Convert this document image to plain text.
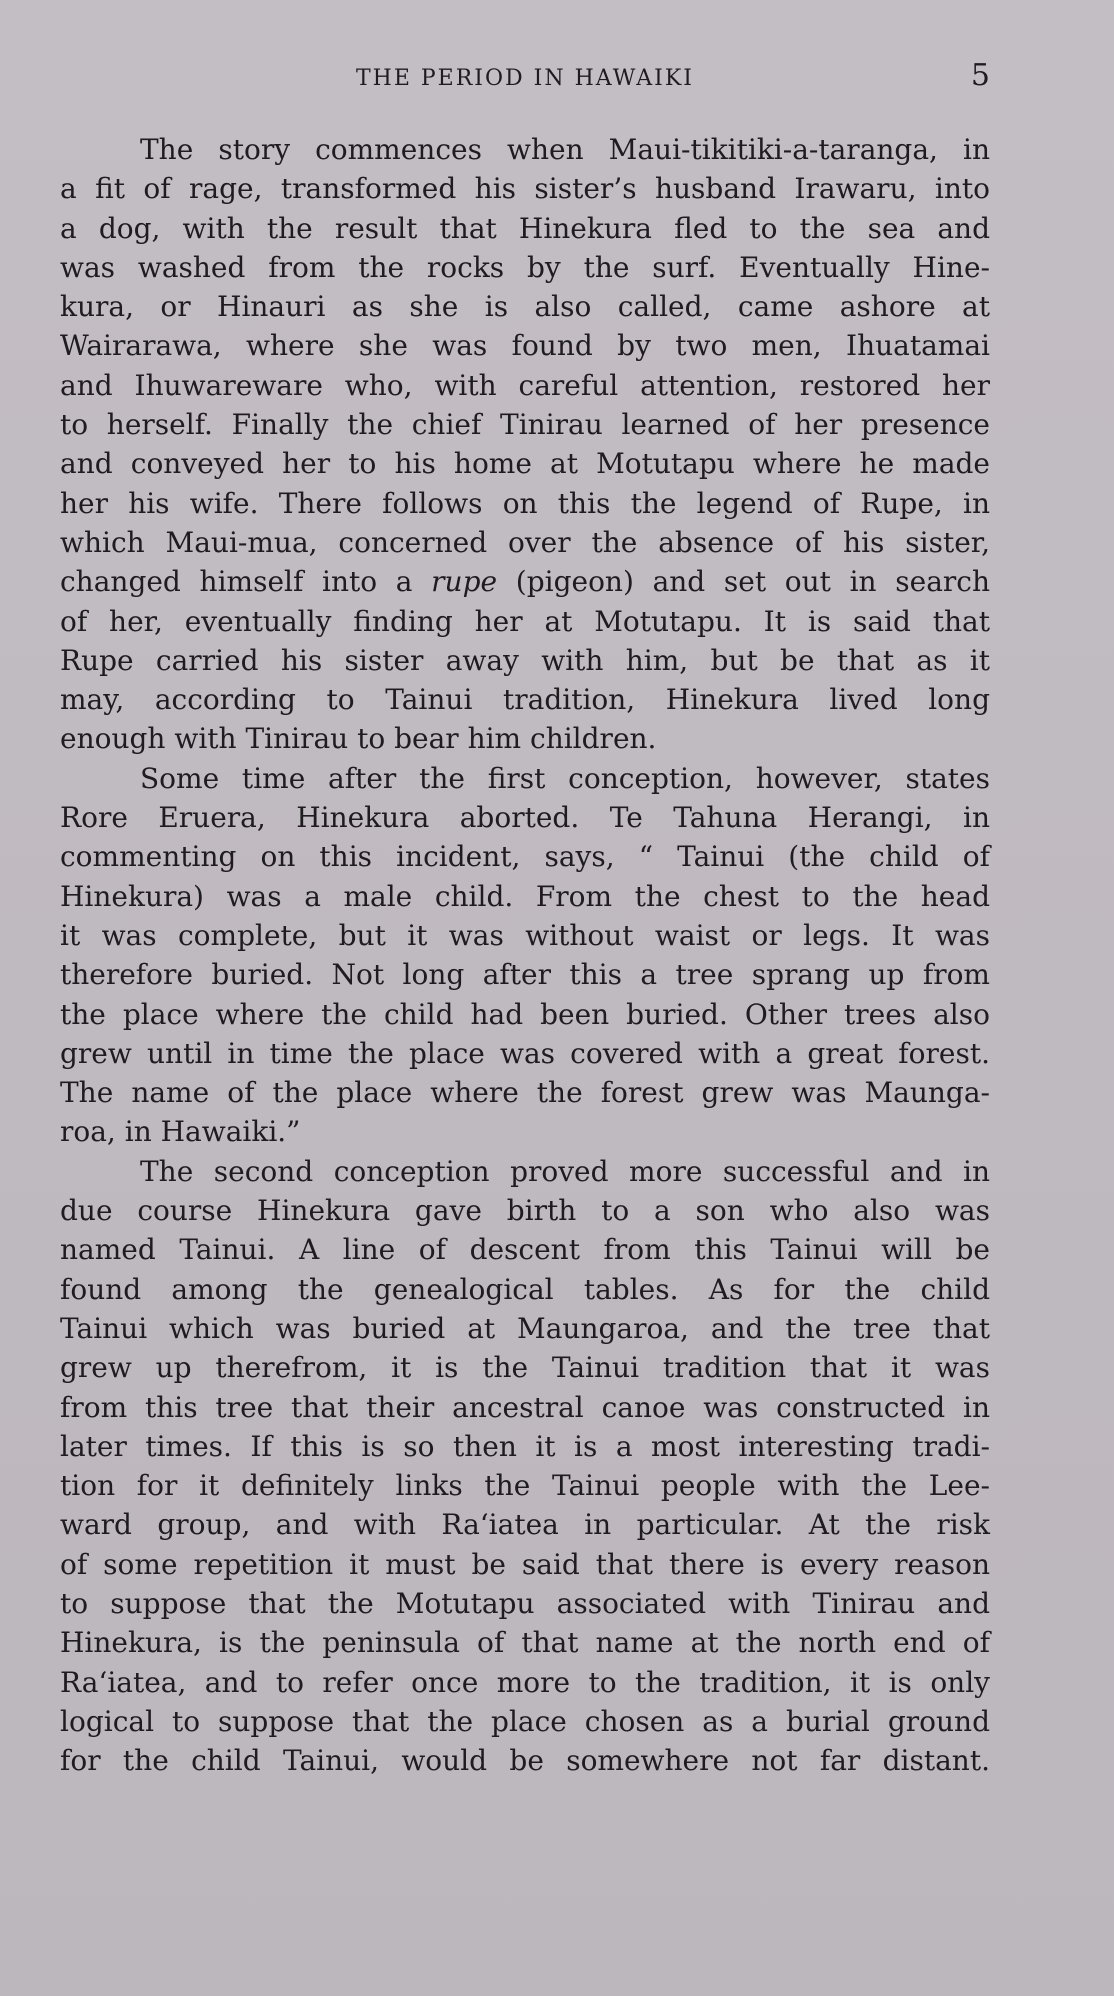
THE PERIOD IN HAWAIKI	5
The story commences when Maui-tikitiki-a-taranga, in
a fit of rage, transformed his sister’s husband Irawaru, into
a dog, with the result that Hinekura fled to the sea and
was washed from the rocks by the surf. Eventually Hine-
kura, or Hinauri as she is also called, came ashore at
Wairarawa, where she was found by two men, Ihuatamai
and Ihuwareware who, with careful attention, restored her
to herself. Finally the chief Tinirau learned of her presence
and conveyed her to his home at Motutapu where he made
her his wife. There follows on this the legend of Rupe, in
which Maui-mua, concerned over the absence of his sister,
changed himself into a rupe (pigeon) and set out in search
of her, eventually finding her at Motutapu. It is said that
Rupe carried his sister away with him, but be that as it
may, according to Tainui tradition, Hinekura lived long
enough with Tinirau to bear him children.
Some time after the first conception, however, states
Rore Eruera, Hinekura aborted. Te Tahuna Herangi, in
commenting on this incident, says, “ Tainui (the child of
Hinekura) was a male child. From the chest to the head
it was complete, but it was without waist or legs. It was
therefore buried. Not long after this a tree sprang up from
the place where the child had been buried. Other trees also
grew until in time the place was covered with a great forest.
The name of the place where the forest grew was Maunga-
roa, in Hawaiki.”
The second conception proved more successful and in
due course Hinekura gave birth to a son who also was
named Tainui. A line of descent from this Tainui will be
found among the genealogical tables. As for the child
Tainui which was buried at Maungaroa, and the tree that
grew up therefrom, it is the Tainui tradition that it was
from this tree that their ancestral canoe was constructed in
later times. If this is so then it is a most interesting tradi-
tion for it definitely links the Tainui people with the Lee-
ward group, and with Ra‘iatea in particular. At the risk
of some repetition it must be said that there is every reason
to suppose that the Motutapu associated with Tinirau and
Hinekura, is the peninsula of that name at the north end of
Ra‘iatea, and to refer once more to the tradition, it is only
logical to suppose that the place chosen as a burial ground
for the child Tainui, would be somewhere not far distant.
